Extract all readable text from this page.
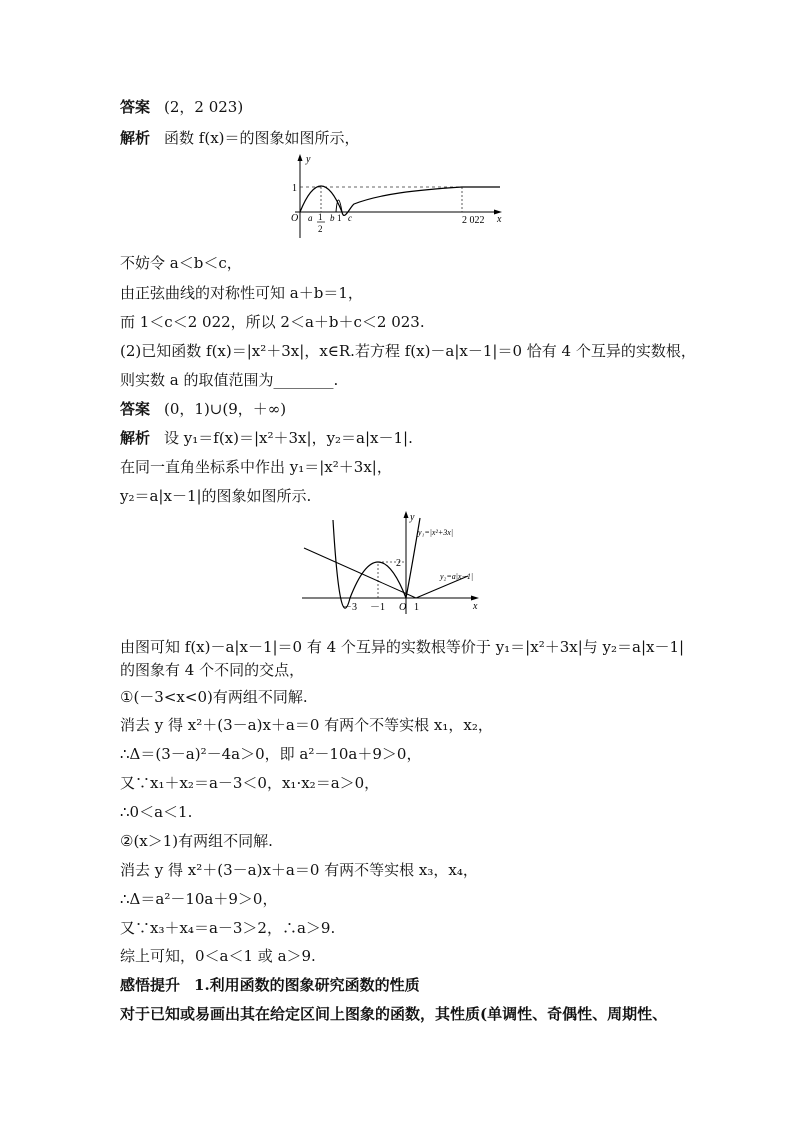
答案 (2，2 023)
解析 函数 f(x)＝的图象如图所示，
y
x
O
1
a 1
2
b 1 c	2 022
不妨令 a＜b＜c，
由正弦曲线的对称性可知 a＋b＝1，
而 1＜c＜2 022，所以 2＜a＋b＋c＜2 023.
(2)已知函数 f(x)＝|x²＋3x|，x∈R.若方程 f(x)－a|x－1|＝0 恰有 4 个互异的实数根，
则实数 a 的取值范围为________.
答案 (0，1)∪(9，＋∞)
解析 设 y₁＝f(x)＝|x²＋3x|，y₂＝a|x－1|.
在同一直角坐标系中作出 y₁＝|x²＋3x|，
y₂＝a|x－1|的图象如图所示.
y
x
O
－3 －1	1
2
y₁=|x²+3x|
y₂=a|x−1|
由图可知 f(x)－a|x－1|＝0 有 4 个互异的实数根等价于 y₁＝|x²＋3x|与 y₂＝a|x－1|
的图象有 4 个不同的交点，
①(－3<x<0)有两组不同解.
消去 y 得 x²＋(3－a)x＋a＝0 有两个不等实根 x₁，x₂，
∴Δ＝(3－a)²－4a＞0，即 a²－10a＋9＞0，
又∵x₁＋x₂＝a－3＜0，x₁·x₂＝a＞0，
∴0＜a＜1.
②(x＞1)有两组不同解.
消去 y 得 x²＋(3－a)x＋a＝0 有两不等实根 x₃，x₄，
∴Δ＝a²－10a＋9＞0，
又∵x₃＋x₄＝a－3＞2，∴a＞9.
综上可知，0＜a＜1 或 a＞9.
感悟提升 1.利用函数的图象研究函数的性质
对于已知或易画出其在给定区间上图象的函数，其性质(单调性、奇偶性、周期性、
